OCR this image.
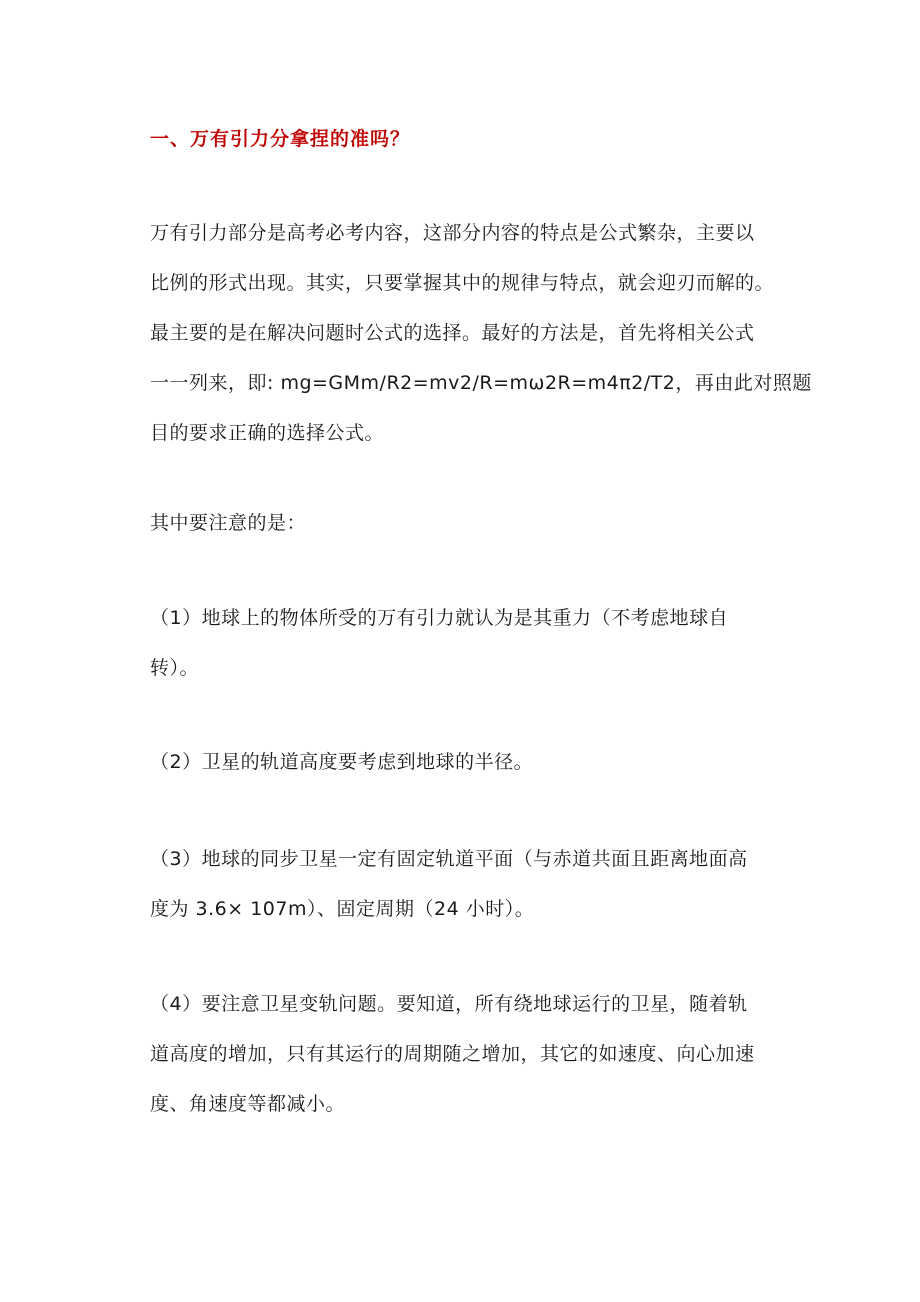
一、万有引力分拿捏的准吗？

万有引力部分是高考必考内容，这部分内容的特点是公式繁杂，主要以
比例的形式出现。其实，只要掌握其中的规律与特点，就会迎刃而解的。
最主要的是在解决问题时公式的选择。最好的方法是，首先将相关公式
一一列来，即: mg=GMm/R2=mv2/R=mω2R=m4π2/T2，再由此对照题
目的要求正确的选择公式。

其中要注意的是：

（1）地球上的物体所受的万有引力就认为是其重力（不考虑地球自
转）。

（2）卫星的轨道高度要考虑到地球的半径。

（3）地球的同步卫星一定有固定轨道平面（与赤道共面且距离地面高
度为 3.6× 107m）、固定周期（24 小时）。

（4）要注意卫星变轨问题。要知道，所有绕地球运行的卫星，随着轨
道高度的增加，只有其运行的周期随之增加，其它的如速度、向心加速
度、角速度等都减小。
